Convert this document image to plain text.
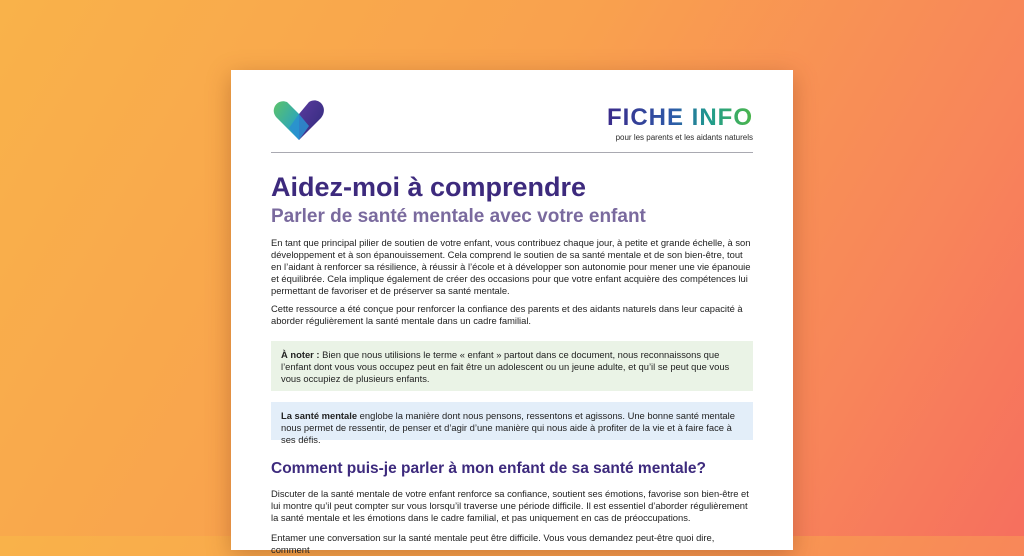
FICHE INFO
pour les parents et les aidants naturels
Aidez-moi à comprendre
Parler de santé mentale avec votre enfant

En tant que principal pilier de soutien de votre enfant, vous contribuez chaque jour, à petite et grande échelle, à son développement et à son épanouissement. Cela comprend le soutien de sa santé mentale et de son bien-être, tout en l’aidant à renforcer sa résilience, à réussir à l’école et à développer son autonomie pour mener une vie épanouie et équilibrée. Cela implique également de créer des occasions pour que votre enfant acquière des compétences lui permettant de favoriser et de préserver sa santé mentale.

Cette ressource a été conçue pour renforcer la confiance des parents et des aidants naturels dans leur capacité à aborder régulièrement la santé mentale dans un cadre familial.

À noter : Bien que nous utilisions le terme « enfant » partout dans ce document, nous reconnaissons que l’enfant dont vous vous occupez peut en fait être un adolescent ou un jeune adulte, et qu’il se peut que vous vous occupiez de plusieurs enfants.
La santé mentale englobe la manière dont nous pensons, ressentons et agissons. Une bonne santé mentale nous permet de ressentir, de penser et d’agir d’une manière qui nous aide à profiter de la vie et à faire face à ses défis.
Comment puis-je parler à mon enfant de sa santé mentale?

Discuter de la santé mentale de votre enfant renforce sa confiance, soutient ses émotions, favorise son bien-être et lui montre qu’il peut compter sur vous lorsqu’il traverse une période difficile. Il est essentiel d’aborder régulièrement la santé mentale et les émotions dans le cadre familial, et pas uniquement en cas de préoccupations.

Entamer une conversation sur la santé mentale peut être difficile. Vous vous demandez peut-être quoi dire, comment
